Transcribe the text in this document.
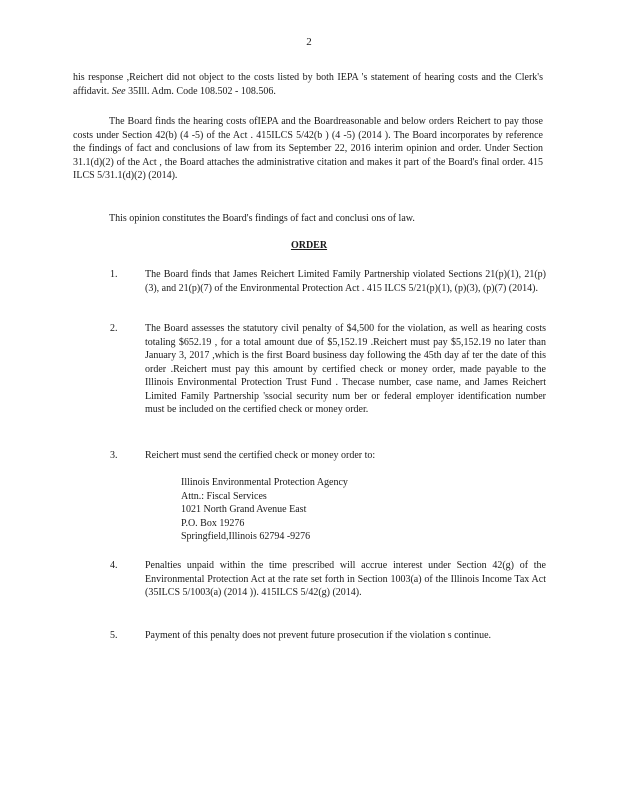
2
his response ,Reichert did not object to the costs listed by both IEPA 's statement of hearing costs and the Clerk's affidavit. See 35Ill. Adm. Code 108.502 - 108.506.
The Board finds the hearing costs ofIEPA and the Boardreasonable and below orders Reichert to pay those costs under Section 42(b) (4 -5) of the Act . 415ILCS 5/42(b ) (4 -5) (2014 ). The Board incorporates by reference the findings of fact and conclusions of law from its September 22, 2016 interim opinion and order. Under Section 31.1(d)(2) of the Act , the Board attaches the administrative citation and makes it part of the Board's final order. 415 ILCS 5/31.1(d)(2) (2014).
This opinion constitutes the Board's findings of fact and conclusi ons of law.
ORDER
1.	The Board finds that James Reichert Limited Family Partnership violated Sections 21(p)(1), 21(p)(3), and 21(p)(7) of the Environmental Protection Act . 415 ILCS 5/21(p)(1), (p)(3), (p)(7) (2014).
2.	The Board assesses the statutory civil penalty of $4,500 for the violation, as well as hearing costs totaling $652.19 , for a total amount due of $5,152.19 .Reichert must pay $5,152.19 no later than January 3, 2017 ,which is the first Board business day following the 45th day af ter the date of this order .Reichert must pay this amount by certified check or money order, made payable to the Illinois Environmental Protection Trust Fund . Thecase number, case name, and James Reichert Limited Family Partnership 'ssocial security num ber or federal employer identification number must be included on the certified check or money order.
3.	Reichert must send the certified check or money order to:
Illinois Environmental Protection Agency
Attn.: Fiscal Services
1021 North Grand Avenue East
P.O. Box 19276
Springfield,Illinois 62794 -9276
4.	Penalties unpaid within the time prescribed will accrue interest under Section 42(g) of the Environmental Protection Act at the rate set forth in Section 1003(a) of the Illinois Income Tax Act (35ILCS 5/1003(a) (2014 )). 415ILCS 5/42(g) (2014).
5.	Payment of this penalty does not prevent future prosecution if the violation s continue.
